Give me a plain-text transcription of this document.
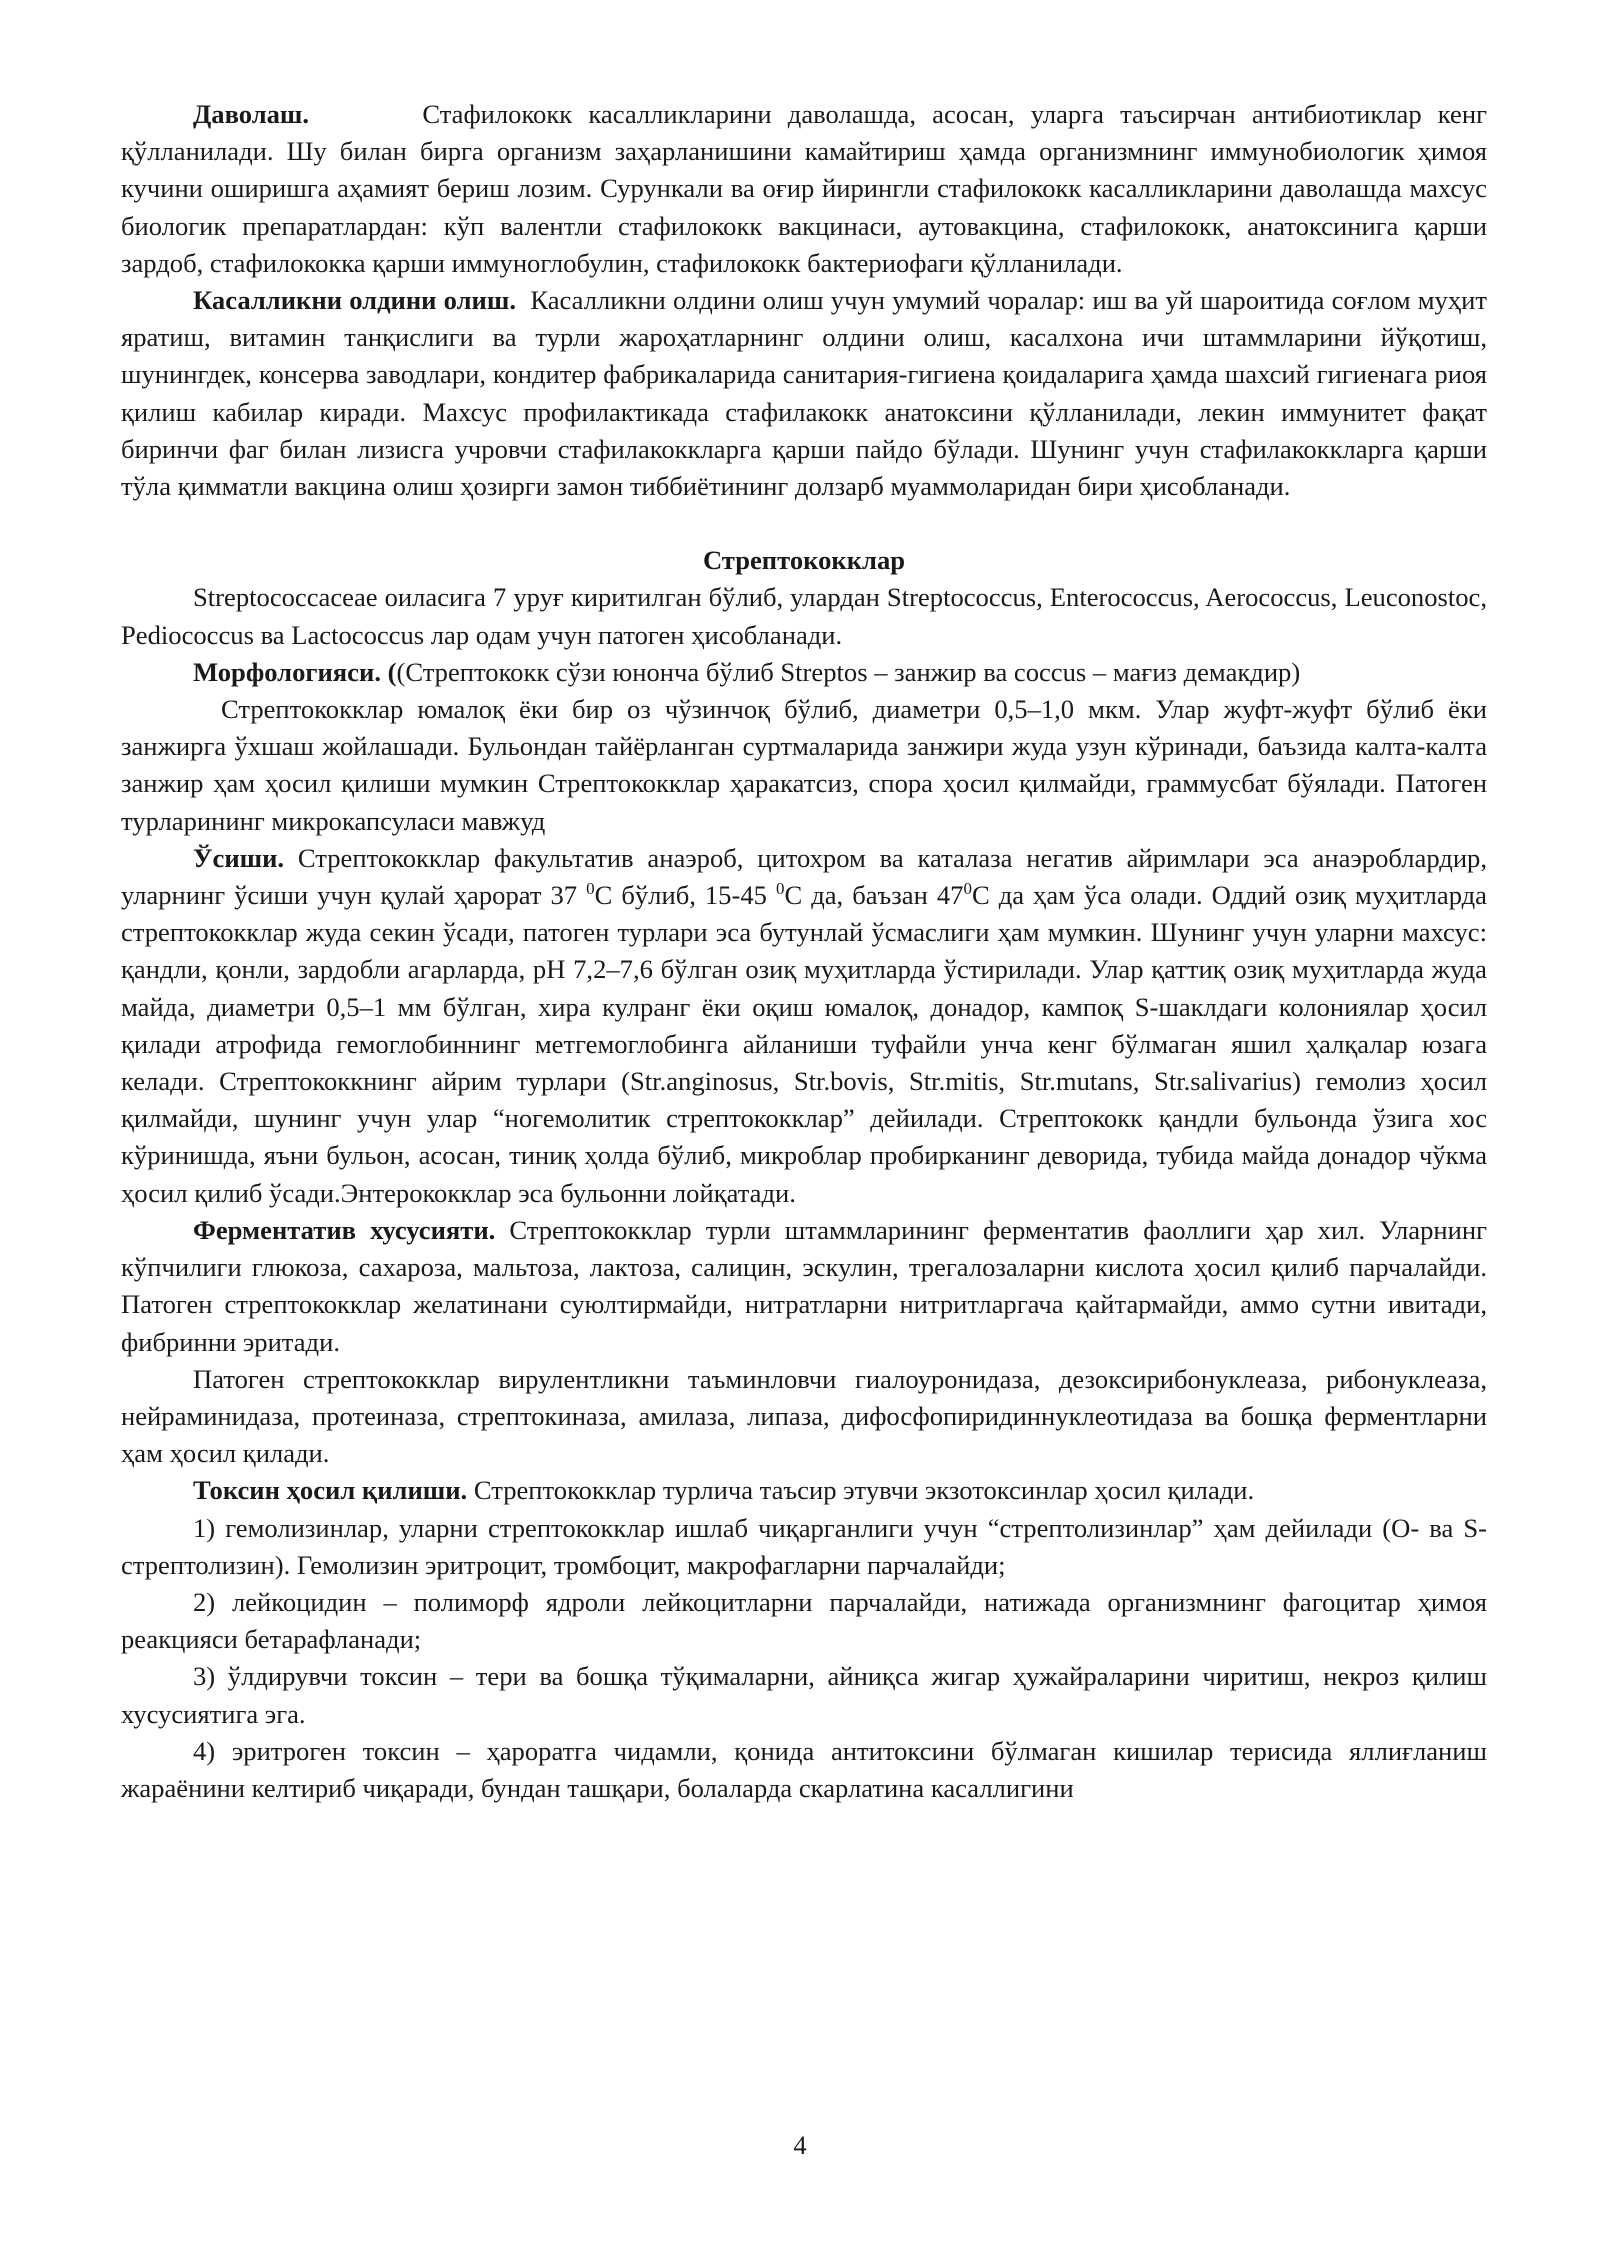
Даволаш.	Стафилококк касалликларини даволашда, асосан, уларга таъсирчан антибиотиклар кенг қўлланилади. Шу билан бирга организм заҳарланишини камайтириш ҳамда организмнинг иммунобиологик ҳимоя кучини оширишга аҳамият бериш лозим. Сурункали ва оғир йирингли стафилококк касалликларини даволашда махсус биологик препаратлардан: кўп валентли стафилококк вакцинаси, аутовакцина, стафилококк, анатоксинига қарши зардоб, стафилококка қарши иммуноглобулин, стафилококк бактериофаги қўлланилади.

Касалликни олдини олиш. Касалликни олдини олиш учун умумий чоралар: иш ва уй шароитида соғлом муҳит яратиш, витамин танқислиги ва турли жароҳатларнинг олдини олиш, касалхона ичи штаммларини йўқотиш, шунингдек, консерва заводлари, кондитер фабрикаларида санитария-гигиена қоидаларига ҳамда шахсий гигиенага риоя қилиш кабилар киради. Махсус профилактикада стафилакокк анатоксини қўлланилади, лекин иммунитет фақат биринчи фаг билан лизисга учровчи стафилакоккларга қарши пайдо бўлади. Шунинг учун стафилакоккларга қарши тўла қимматли вакцина олиш ҳозирги замон тиббиётининг долзарб муаммоларидан бири ҳисобланади.

Стрептококклар

Streptococcaceae оиласига 7 уруғ киритилган бўлиб, улардан Streptococcus, Enterococcus, Aerococcus, Leuconostoc, Pediococcus ва Lactococcus лар одам учун патоген ҳисобланади.

Морфологияси. ((Стрептококк сўзи юнонча бўлиб Streptos – занжир ва coccus – мағиз демакдир)

Стрептококклар юмалоқ ёки бир оз чўзинчоқ бўлиб, диаметри 0,5–1,0 мкм. Улар жуфт-жуфт бўлиб ёки занжирга ўхшаш жойлашади. Бульондан тайёрланган суртмаларида занжири жуда узун кўринади, баъзида калта-калта занжир ҳам ҳосил қилиши мумкин Стрептококклар ҳаракатсиз, спора ҳосил қилмайди, граммусбат бўялади. Патоген турларининг микрокапсуласи мавжуд

Ўсиши. Стрептококклар факультатив анаэроб, цитохром ва каталаза негатив айримлари эса анаэроблардир, уларнинг ўсиши учун қулай ҳарорат 37 $^0$С бўлиб, 15-45 $^0$С да, баъзан $47^0С$ да ҳам ўса олади. Оддий озиқ муҳитларда стрептококклар жуда секин ўсади, патоген турлари эса бутунлай ўсмаслиги ҳам мумкин. Шунинг учун уларни махсус: қандли, қонли, зардобли агарларда, pH 7,2–7,6 бўлган озиқ муҳитларда ўстирилади. Улар қаттиқ озиқ муҳитларда жуда майда, диаметри 0,5–1 мм бўлган, хира кулранг ёки оқиш юмалоқ, донадор, кампоқ S-шаклдаги колониялар ҳосил қилади атрофида гемоглобиннинг метгемоглобинга айланиши туфайли унча кенг бўлмаган яшил ҳалқалар юзага келади. Стрептококкнинг айрим турлари (Str.anginosus, Str.bovis, Str.mitis, Str.mutans, Str.salivarius) гемолиз ҳосил қилмайди, шунинг учун улар “ногемолитик стрептококклар” дейилади. Стрептококк қандли бульонда ўзига хос кўринишда, яъни бульон, асосан, тиниқ ҳолда бўлиб, микроблар пробирканинг деворида, тубида майда донадор чўкма ҳосил қилиб ўсади.Энтерококклар эса бульонни лойқатади.

Ферментатив хусусияти. Стрептококклар турли штаммларининг ферментатив фаоллиги ҳар хил. Уларнинг кўпчилиги глюкоза, сахароза, мальтоза, лактоза, салицин, эскулин, трегалозаларни кислота ҳосил қилиб парчалайди. Патоген стрептококклар желатинани суюлтирмайди, нитратларни нитритларгача қайтармайди, аммо сутни ивитади, фибринни эритади.

Патоген стрептококклар вирулентликни таъминловчи гиалоуронидаза, дезоксирибонуклеаза, рибонуклеаза, нейраминидаза, протеиназа, стрептокиназа, амилаза, липаза, дифосфопиридиннуклеотидаза ва бошқа ферментларни ҳам ҳосил қилади.

Токсин ҳосил қилиши. Стрептококклар турлича таъсир этувчи экзотоксинлар ҳосил қилади.

1) гемолизинлар, уларни стрептококклар ишлаб чиқарганлиги учун “стрептолизинлар” ҳам дейилади (О- ва S-стрептолизин). Гемолизин эритроцит, тромбоцит, макрофагларни парчалайди;

2) лейкоцидин – полиморф ядроли лейкоцитларни парчалайди, натижада организмнинг фагоцитар ҳимоя реакцияси бетарафланади;

3) ўлдирувчи токсин – тери ва бошқа тўқималарни, айниқса жигар ҳужайраларини чиритиш, некроз қилиш хусусиятига эга.

4) эритроген токсин – ҳароратга чидамли, қонида антитоксини бўлмаган кишилар терисида яллиғланиш жараёнини келтириб чиқаради, бундан ташқари, болаларда скарлатина касаллигини

4
